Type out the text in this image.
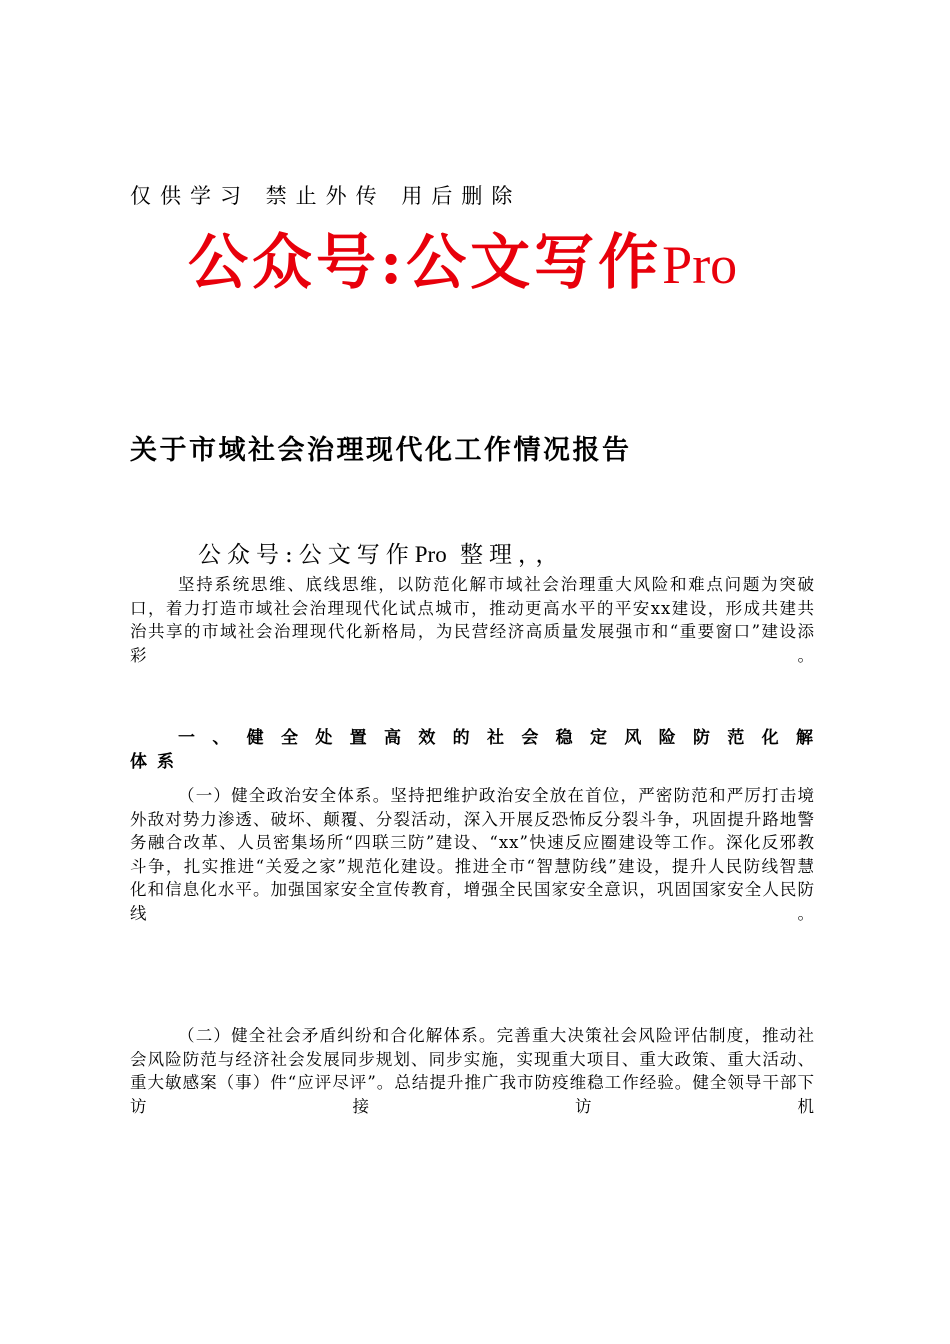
仅供学习 禁止外传 用后删除
公众号:公文写作Pro
关于市域社会治理现代化工作情况报告
公众号:公文写作Pro 整理，，
坚持系统思维、底线思维，以防范化解市域社会治理重大风险和难点问题为突破口，着力打造市域社会治理现代化试点城市，推动更高水平的平安xx建设，形成共建共治共享的市域社会治理现代化新格局，为民营经济高质量发展强市和“重要窗口”建设添彩。
一、健全处置高效的社会稳定风险防范化解
体系
（一）健全政治安全体系。坚持把维护政治安全放在首位，严密防范和严厉打击境外敌对势力渗透、破坏、颠覆、分裂活动，深入开展反恐怖反分裂斗争，巩固提升路地警务融合改革、人员密集场所“四联三防”建设、“xx”快速反应圈建设等工作。深化反邪教斗争，扎实推进“关爱之家”规范化建设。推进全市“智慧防线”建设，提升人民防线智慧化和信息化水平。加强国家安全宣传教育，增强全民国家安全意识，巩固国家安全人民防线。
（二）健全社会矛盾纠纷和合化解体系。完善重大决策社会风险评估制度，推动社会风险防范与经济社会发展同步规划、同步实施，实现重大项目、重大政策、重大活动、重大敏感案（事）件“应评尽评”。总结提升推广我市防疫维稳工作经验。健全领导干部下访接访机
